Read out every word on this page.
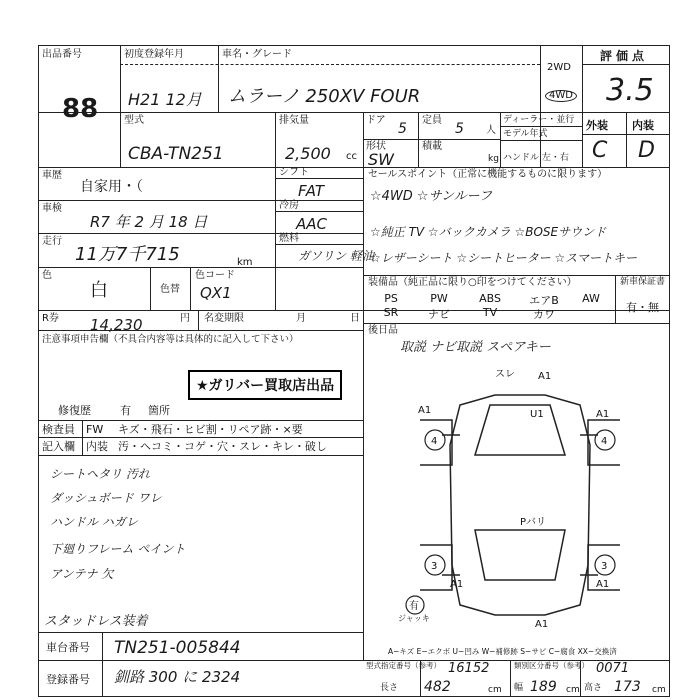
出品番号
88
初度登録年月	車名・グレード
H21 12月 ムラーノ 250XV FOUR
2WD
4WD
評価点
3.5
型式
CBA-TN251
排気量
2,500 cc
ドア
5
定員
5 人
形状
SW
積載
kg
ディーラー・並行
モデル年式
ハンドル 左・右
外装 内装
C D
車歴
自家用・（
シフト
FAT
車検
R7 年 2 月 18 日
冷房
AAC
走行
11万7千715	km
燃料
ガソリン 軽油
色
白	色替
色コード
QX1
R券 14,230	円 名変期限	月	日
セールスポイント（正常に機能するものに限ります）
☆4WD ☆サンルーフ
☆純正 TV ☆バックカメラ ☆BOSEサウンド
☆レザーシート ☆シートヒーター ☆スマートキー
装備品（純正品に限り○印をつけてください）	新車保証書
PS	PW	ABS	エアB	AW
SR	ナビ	TV	カワ
有・無
後日品
取説 ナビ取説 スペアキー
注意事項申告欄（不具合内容等は具体的に記入して下さい）
★ガリバー買取店出品
修復歴	有 箇所
検査員
記入欄
FW キズ・飛石・ヒビ割・リペア跡・×要
内装 汚・ヘコミ・コゲ・穴・スレ・キレ・破し
シートヘタリ 汚れ
ダッシュボード ワレ
ハンドル ハガレ
下廻りフレーム ペイント
アンテナ 欠
スタッドレス装着
スレ A1
U1	A1
4	4
A1
Pバリ
3	3
A1	A1
有
ジャッキ
A1
A−キズ E−エクボ U−凹み W−補修跡 S−サビ C−腐食 XX−交換済
車台番号 TN251-005844
登録番号 釧路 300 に 2324
型式指定番号（参考） 16152	類別区分番号（参考） 0071
長さ 482	cm 幅 189 cm 高さ 173 cm
